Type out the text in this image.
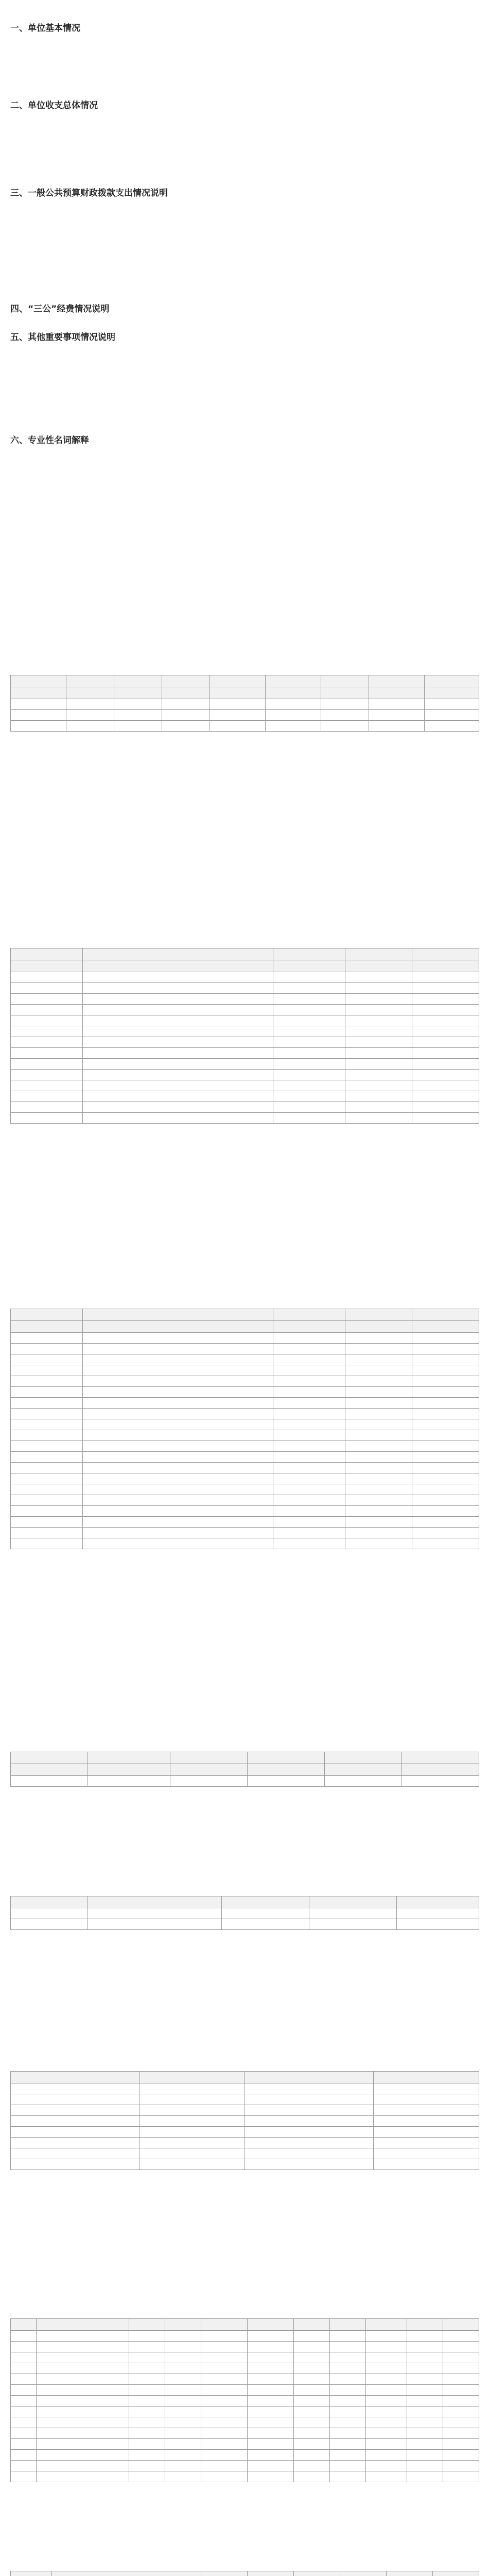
一、单位基本情况
二、单位收支总体情况
三、一般公共预算财政拨款支出情况说明
四、“三公”经费情况说明
五、其他重要事项情况说明
六、专业性名词解释
